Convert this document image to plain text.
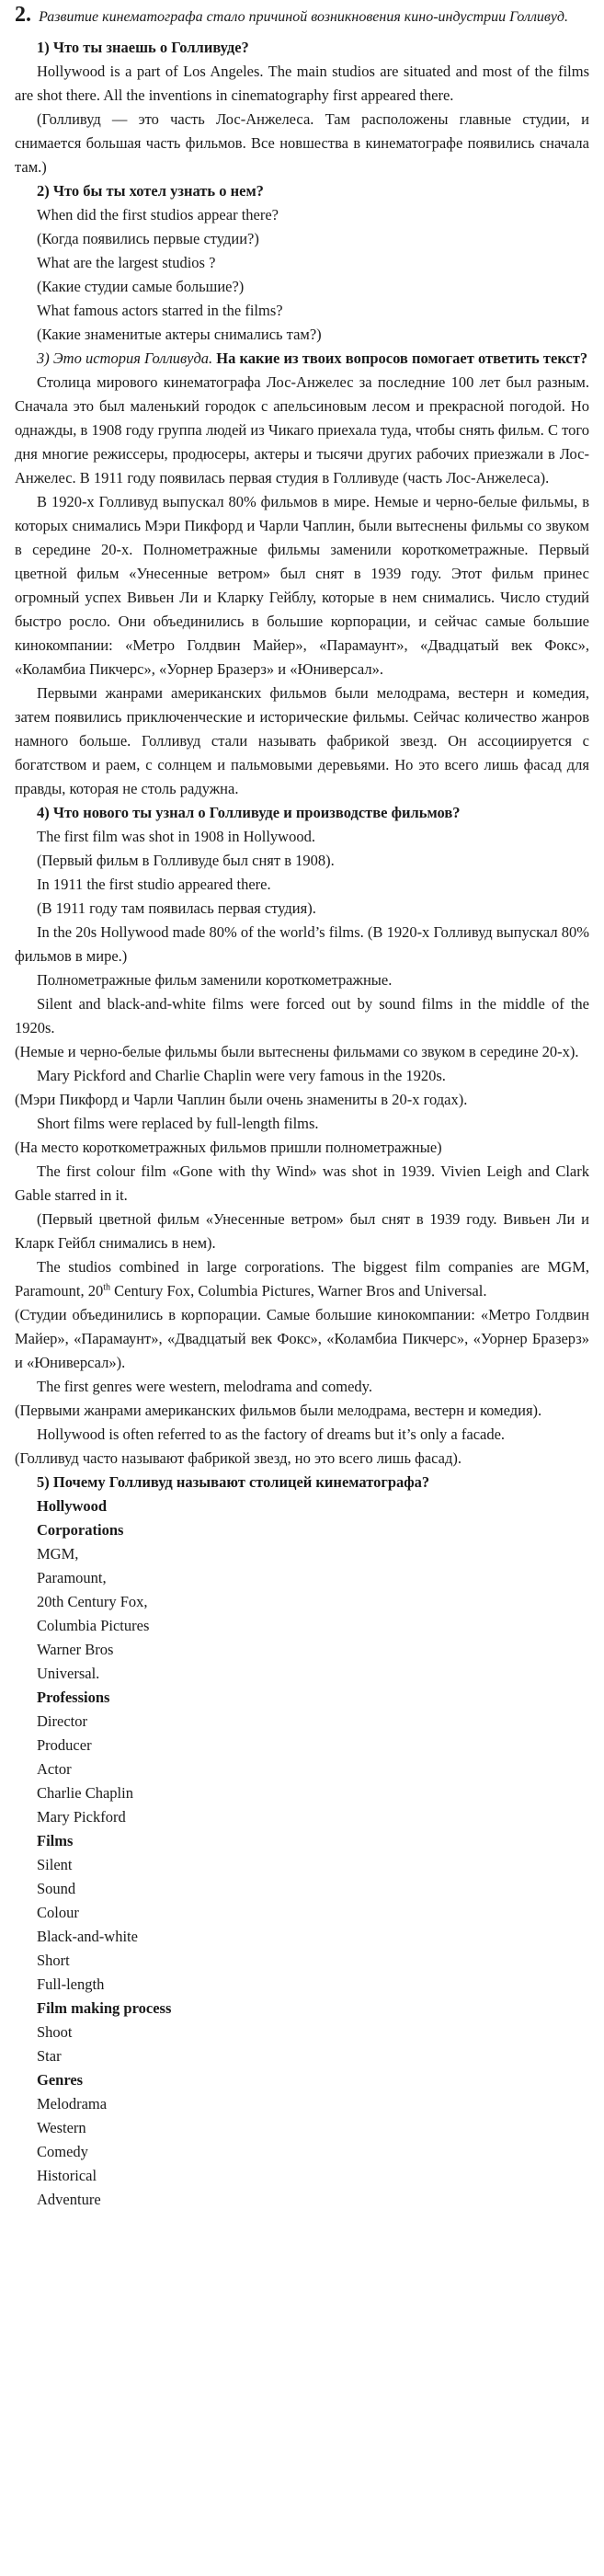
2. Развитие кинематографа стало причиной возникновения кино-индустрии Голливуд.

1) Что ты знаешь о Голливуде?

Hollywood is a part of Los Angeles. The main studios are situated and most of the films are shot there. All the inventions in cinematography first appeared there.

(Голливуд — это часть Лос-Анжелеса. Там расположены главные студии, и снимается большая часть фильмов. Все новшества в кинематографе появились сначала там.)

2) Что бы ты хотел узнать о нем?

When did the first studios appear there?

(Когда появились первые студии?)

What are the largest studios ?

(Какие студии самые большие?)

What famous actors starred in the films?

(Какие знаменитые актеры снимались там?)

3) Это история Голливуда. На какие из твоих вопросов помогает ответить текст?

Столица мирового кинематографа Лос-Анжелес за последние 100 лет был разным. Сначала это был маленький городок с апельсиновым лесом и прекрасной погодой. Но однажды, в 1908 году группа людей из Чикаго приехала туда, чтобы снять фильм. С того дня многие режиссеры, продюсеры, актеры и тысячи других рабочих приезжали в Лос-Анжелес. В 1911 году появилась первая студия в Голливуде (часть Лос-Анжелеса).

В 1920-х Голливуд выпускал 80% фильмов в мире. Немые и черно-белые фильмы, в которых снимались Мэри Пикфорд и Чарли Чаплин, были вытеснены фильмы со звуком в середине 20-х. Полнометражные фильмы заменили короткометражные. Первый цветной фильм «Унесенные ветром» был снят в 1939 году. Этот фильм принес огромный успех Вивьен Ли и Кларку Гейблу, которые в нем снимались. Число студий быстро росло. Они объединились в большие корпорации, и сейчас самые большие кинокомпании: «Метро Голдвин Майер», «Парамаунт», «Двадцатый век Фокс», «Коламбиа Пикчерс», «Уорнер Бразерз» и «Юниверсал».

Первыми жанрами американских фильмов были мелодрама, вестерн и комедия, затем появились приключенческие и исторические фильмы. Сейчас количество жанров намного больше. Голливуд стали называть фабрикой звезд. Он ассоциируется с богатством и раем, с солнцем и пальмовыми деревьями. Но это всего лишь фасад для правды, которая не столь радужна.

4) Что нового ты узнал о Голливуде и производстве фильмов?

The first film was shot in 1908 in Hollywood.

(Первый фильм в Голливуде был снят в 1908).

In 1911 the first studio appeared there.

(В 1911 году там появилась первая студия).

In the 20s Hollywood made 80% of the world’s films. (В 1920-х Голливуд выпускал 80% фильмов в мире.)

Полнометражные фильм заменили короткометражные.

Silent and black-and-white films were forced out by sound films in the middle of the 1920s.

(Немые и черно-белые фильмы были вытеснены фильмами со звуком в середине 20-х).

Mary Pickford and Charlie Chaplin were very famous in the 1920s.

(Мэри Пикфорд и Чарли Чаплин были очень знамениты в 20-х годах).

Short films were replaced by full-length films.

(На место короткометражных фильмов пришли полнометражные)

The first colour film «Gone with thy Wind» was shot in 1939. Vivien Leigh and Clark Gable starred in it.

(Первый цветной фильм «Унесенные ветром» был снят в 1939 году. Вивьен Ли и Кларк Гейбл снимались в нем).

The studios combined in large corporations. The biggest film companies are MGM, Paramount, 20th Century Fox, Columbia Pictures, Warner Bros and Universal.

(Студии объединились в корпорации. Самые большие кинокомпании: «Метро Голдвин Майер», «Парамаунт», «Двадцатый век Фокс», «Коламбиа Пикчерс», «Уорнер Бразерз» и «Юниверсал»).

The first genres were western, melodrama and comedy.

(Первыми жанрами американских фильмов были мелодрама, вестерн и комедия).

Hollywood is often referred to as the factory of dreams but it’s only a facade.

(Голливуд часто называют фабрикой звезд, но это всего лишь фасад).

5) Почему Голливуд называют столицей кинематографа?

Hollywood
Corporations
MGM,
Paramount,
20th Century Fox,
Columbia Pictures
Warner Bros
Universal.
Professions
Director
Producer
Actor
Charlie Chaplin
Mary Pickford
Films
Silent
Sound
Colour
Black-and-white
Short
Full-length
Film making process
Shoot
Star
Genres
Melodrama
Western
Comedy
Historical
Adventure
